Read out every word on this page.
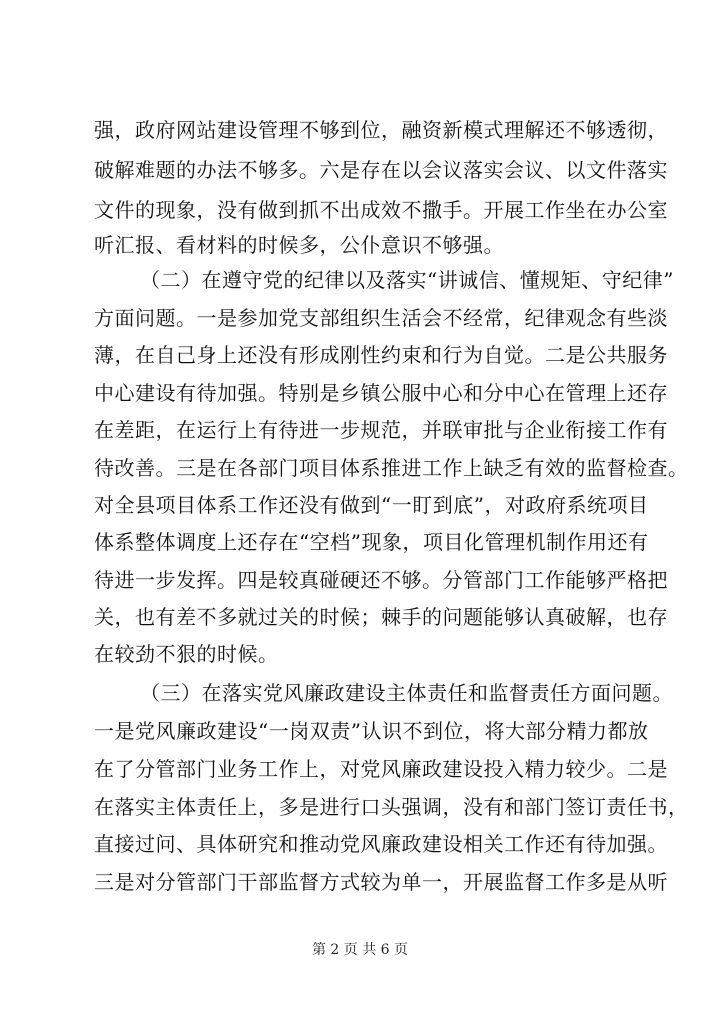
强，政府网站建设管理不够到位，融资新模式理解还不够透彻，
破解难题的办法不够多。六是存在以会议落实会议、以文件落实
文件的现象，没有做到抓不出成效不撒手。开展工作坐在办公室
听汇报、看材料的时候多，公仆意识不够强。
（二）在遵守党的纪律以及落实“讲诚信、懂规矩、守纪律”
方面问题。一是参加党支部组织生活会不经常，纪律观念有些淡
薄，在自己身上还没有形成刚性约束和行为自觉。二是公共服务
中心建设有待加强。特别是乡镇公服中心和分中心在管理上还存
在差距，在运行上有待进一步规范，并联审批与企业衔接工作有
待改善。三是在各部门项目体系推进工作上缺乏有效的监督检查。
对全县项目体系工作还没有做到“一盯到底”，对政府系统项目
体系整体调度上还存在“空档”现象，项目化管理机制作用还有
待进一步发挥。四是较真碰硬还不够。分管部门工作能够严格把
关，也有差不多就过关的时候；棘手的问题能够认真破解，也存
在较劲不狠的时候。
（三）在落实党风廉政建设主体责任和监督责任方面问题。
一是党风廉政建设“一岗双责”认识不到位，将大部分精力都放
在了分管部门业务工作上，对党风廉政建设投入精力较少。二是
在落实主体责任上，多是进行口头强调，没有和部门签订责任书，
直接过问、具体研究和推动党风廉政建设相关工作还有待加强。
三是对分管部门干部监督方式较为单一，开展监督工作多是从听
第 2 页 共 6 页
